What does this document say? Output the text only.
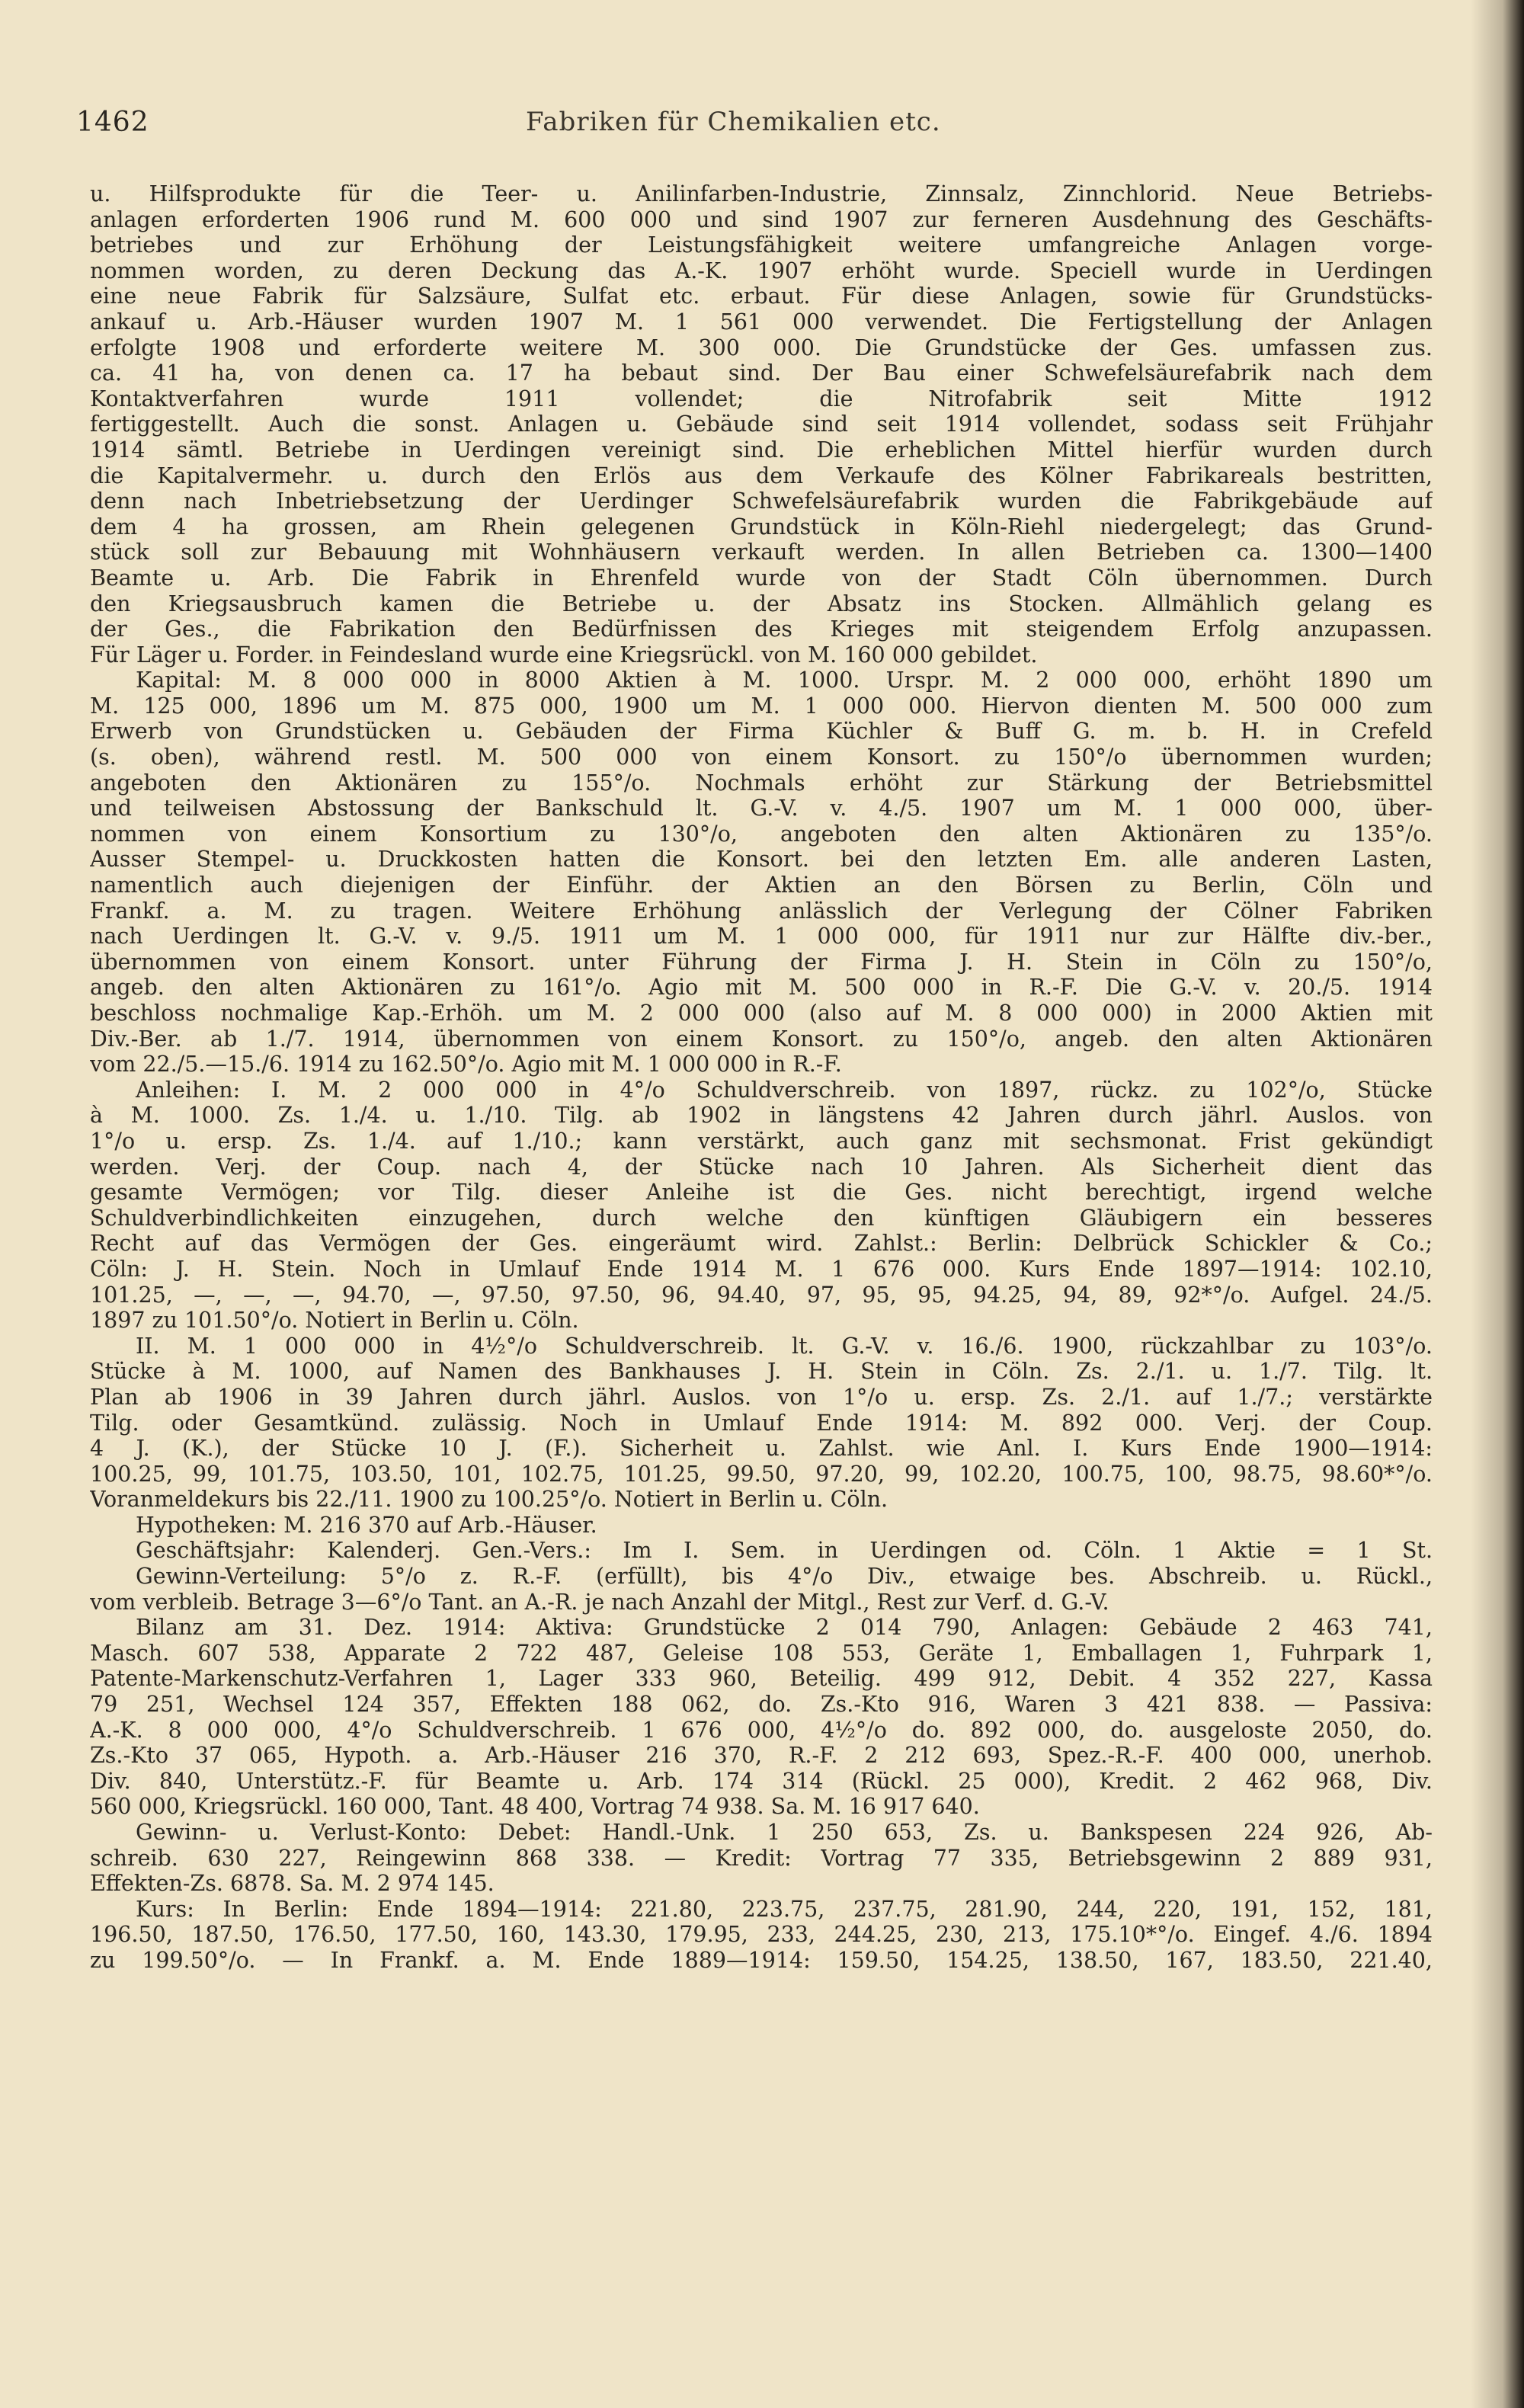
1462	Fabriken für Chemikalien etc.
u. Hilfsprodukte für die Teer- u. Anilinfarben-Industrie, Zinnsalz, Zinnchlorid. Neue Betriebs-
anlagen erforderten 1906 rund M. 600 000 und sind 1907 zur ferneren Ausdehnung des Geschäfts-
betriebes und zur Erhöhung der Leistungsfähigkeit weitere umfangreiche Anlagen vorge-
nommen worden, zu deren Deckung das A.-K. 1907 erhöht wurde. Speciell wurde in Uerdingen
eine neue Fabrik für Salzsäure, Sulfat etc. erbaut. Für diese Anlagen, sowie für Grundstücks-
ankauf u. Arb.-Häuser wurden 1907 M. 1 561 000 verwendet. Die Fertigstellung der Anlagen
erfolgte 1908 und erforderte weitere M. 300 000. Die Grundstücke der Ges. umfassen zus.
ca. 41 ha, von denen ca. 17 ha bebaut sind. Der Bau einer Schwefelsäurefabrik nach dem
Kontaktverfahren wurde 1911 vollendet; die Nitrofabrik seit Mitte 1912
fertiggestellt. Auch die sonst. Anlagen u. Gebäude sind seit 1914 vollendet, sodass seit Frühjahr
1914 sämtl. Betriebe in Uerdingen vereinigt sind. Die erheblichen Mittel hierfür wurden durch
die Kapitalvermehr. u. durch den Erlös aus dem Verkaufe des Kölner Fabrikareals bestritten,
denn nach Inbetriebsetzung der Uerdinger Schwefelsäurefabrik wurden die Fabrikgebäude auf
dem 4 ha grossen, am Rhein gelegenen Grundstück in Köln-Riehl niedergelegt; das Grund-
stück soll zur Bebauung mit Wohnhäusern verkauft werden. In allen Betrieben ca. 1300—1400
Beamte u. Arb. Die Fabrik in Ehrenfeld wurde von der Stadt Cöln übernommen. Durch
den Kriegsausbruch kamen die Betriebe u. der Absatz ins Stocken. Allmählich gelang es
der Ges., die Fabrikation den Bedürfnissen des Krieges mit steigendem Erfolg anzupassen.
Für Läger u. Forder. in Feindesland wurde eine Kriegsrückl. von M. 160 000 gebildet.
Kapital: M. 8 000 000 in 8000 Aktien à M. 1000. Urspr. M. 2 000 000, erhöht 1890 um
M. 125 000, 1896 um M. 875 000, 1900 um M. 1 000 000. Hiervon dienten M. 500 000 zum
Erwerb von Grundstücken u. Gebäuden der Firma Küchler & Buff G. m. b. H. in Crefeld
(s. oben), während restl. M. 500 000 von einem Konsort. zu 150°/o übernommen wurden;
angeboten den Aktionären zu 155°/o. Nochmals erhöht zur Stärkung der Betriebsmittel
und teilweisen Abstossung der Bankschuld lt. G.-V. v. 4./5. 1907 um M. 1 000 000, über-
nommen von einem Konsortium zu 130°/o, angeboten den alten Aktionären zu 135°/o.
Ausser Stempel- u. Druckkosten hatten die Konsort. bei den letzten Em. alle anderen Lasten,
namentlich auch diejenigen der Einführ. der Aktien an den Börsen zu Berlin, Cöln und
Frankf. a. M. zu tragen. Weitere Erhöhung anlässlich der Verlegung der Cölner Fabriken
nach Uerdingen lt. G.-V. v. 9./5. 1911 um M. 1 000 000, für 1911 nur zur Hälfte div.-ber.,
übernommen von einem Konsort. unter Führung der Firma J. H. Stein in Cöln zu 150°/o,
angeb. den alten Aktionären zu 161°/o. Agio mit M. 500 000 in R.-F. Die G.-V. v. 20./5. 1914
beschloss nochmalige Kap.-Erhöh. um M. 2 000 000 (also auf M. 8 000 000) in 2000 Aktien mit
Div.-Ber. ab 1./7. 1914, übernommen von einem Konsort. zu 150°/o, angeb. den alten Aktionären
vom 22./5.—15./6. 1914 zu 162.50°/o. Agio mit M. 1 000 000 in R.-F.
Anleihen: I. M. 2 000 000 in 4°/o Schuldverschreib. von 1897, rückz. zu 102°/o, Stücke
à M. 1000. Zs. 1./4. u. 1./10. Tilg. ab 1902 in längstens 42 Jahren durch jährl. Auslos. von
1°/o u. ersp. Zs. 1./4. auf 1./10.; kann verstärkt, auch ganz mit sechsmonat. Frist gekündigt
werden. Verj. der Coup. nach 4, der Stücke nach 10 Jahren. Als Sicherheit dient das
gesamte Vermögen; vor Tilg. dieser Anleihe ist die Ges. nicht berechtigt, irgend welche
Schuldverbindlichkeiten einzugehen, durch welche den künftigen Gläubigern ein besseres
Recht auf das Vermögen der Ges. eingeräumt wird. Zahlst.: Berlin: Delbrück Schickler & Co.;
Cöln: J. H. Stein. Noch in Umlauf Ende 1914 M. 1 676 000. Kurs Ende 1897—1914: 102.10,
101.25, —, —, —, 94.70, —, 97.50, 97.50, 96, 94.40, 97, 95, 95, 94.25, 94, 89, 92*°/o. Aufgel. 24./5.
1897 zu 101.50°/o. Notiert in Berlin u. Cöln.
II. M. 1 000 000 in 4½°/o Schuldverschreib. lt. G.-V. v. 16./6. 1900, rückzahlbar zu 103°/o.
Stücke à M. 1000, auf Namen des Bankhauses J. H. Stein in Cöln. Zs. 2./1. u. 1./7. Tilg. lt.
Plan ab 1906 in 39 Jahren durch jährl. Auslos. von 1°/o u. ersp. Zs. 2./1. auf 1./7.; verstärkte
Tilg. oder Gesamtkünd. zulässig. Noch in Umlauf Ende 1914: M. 892 000. Verj. der Coup.
4 J. (K.), der Stücke 10 J. (F.). Sicherheit u. Zahlst. wie Anl. I. Kurs Ende 1900—1914:
100.25, 99, 101.75, 103.50, 101, 102.75, 101.25, 99.50, 97.20, 99, 102.20, 100.75, 100, 98.75, 98.60*°/o.
Voranmeldekurs bis 22./11. 1900 zu 100.25°/o. Notiert in Berlin u. Cöln.
Hypotheken: M. 216 370 auf Arb.-Häuser.
Geschäftsjahr: Kalenderj. Gen.-Vers.: Im I. Sem. in Uerdingen od. Cöln. 1 Aktie = 1 St.
Gewinn-Verteilung: 5°/o z. R.-F. (erfüllt), bis 4°/o Div., etwaige bes. Abschreib. u. Rückl.,
vom verbleib. Betrage 3—6°/o Tant. an A.-R. je nach Anzahl der Mitgl., Rest zur Verf. d. G.-V.
Bilanz am 31. Dez. 1914: Aktiva: Grundstücke 2 014 790, Anlagen: Gebäude 2 463 741,
Masch. 607 538, Apparate 2 722 487, Geleise 108 553, Geräte 1, Emballagen 1, Fuhrpark 1,
Patente-Markenschutz-Verfahren 1, Lager 333 960, Beteilig. 499 912, Debit. 4 352 227, Kassa
79 251, Wechsel 124 357, Effekten 188 062, do. Zs.-Kto 916, Waren 3 421 838. — Passiva:
A.-K. 8 000 000, 4°/o Schuldverschreib. 1 676 000, 4½°/o do. 892 000, do. ausgeloste 2050, do.
Zs.-Kto 37 065, Hypoth. a. Arb.-Häuser 216 370, R.-F. 2 212 693, Spez.-R.-F. 400 000, unerhob.
Div. 840, Unterstütz.-F. für Beamte u. Arb. 174 314 (Rückl. 25 000), Kredit. 2 462 968, Div.
560 000, Kriegsrückl. 160 000, Tant. 48 400, Vortrag 74 938. Sa. M. 16 917 640.
Gewinn- u. Verlust-Konto: Debet: Handl.-Unk. 1 250 653, Zs. u. Bankspesen 224 926, Ab-
schreib. 630 227, Reingewinn 868 338. — Kredit: Vortrag 77 335, Betriebsgewinn 2 889 931,
Effekten-Zs. 6878. Sa. M. 2 974 145.
Kurs: In Berlin: Ende 1894—1914: 221.80, 223.75, 237.75, 281.90, 244, 220, 191, 152, 181,
196.50, 187.50, 176.50, 177.50, 160, 143.30, 179.95, 233, 244.25, 230, 213, 175.10*°/o. Eingef. 4./6. 1894
zu 199.50°/o. — In Frankf. a. M. Ende 1889—1914: 159.50, 154.25, 138.50, 167, 183.50, 221.40,
